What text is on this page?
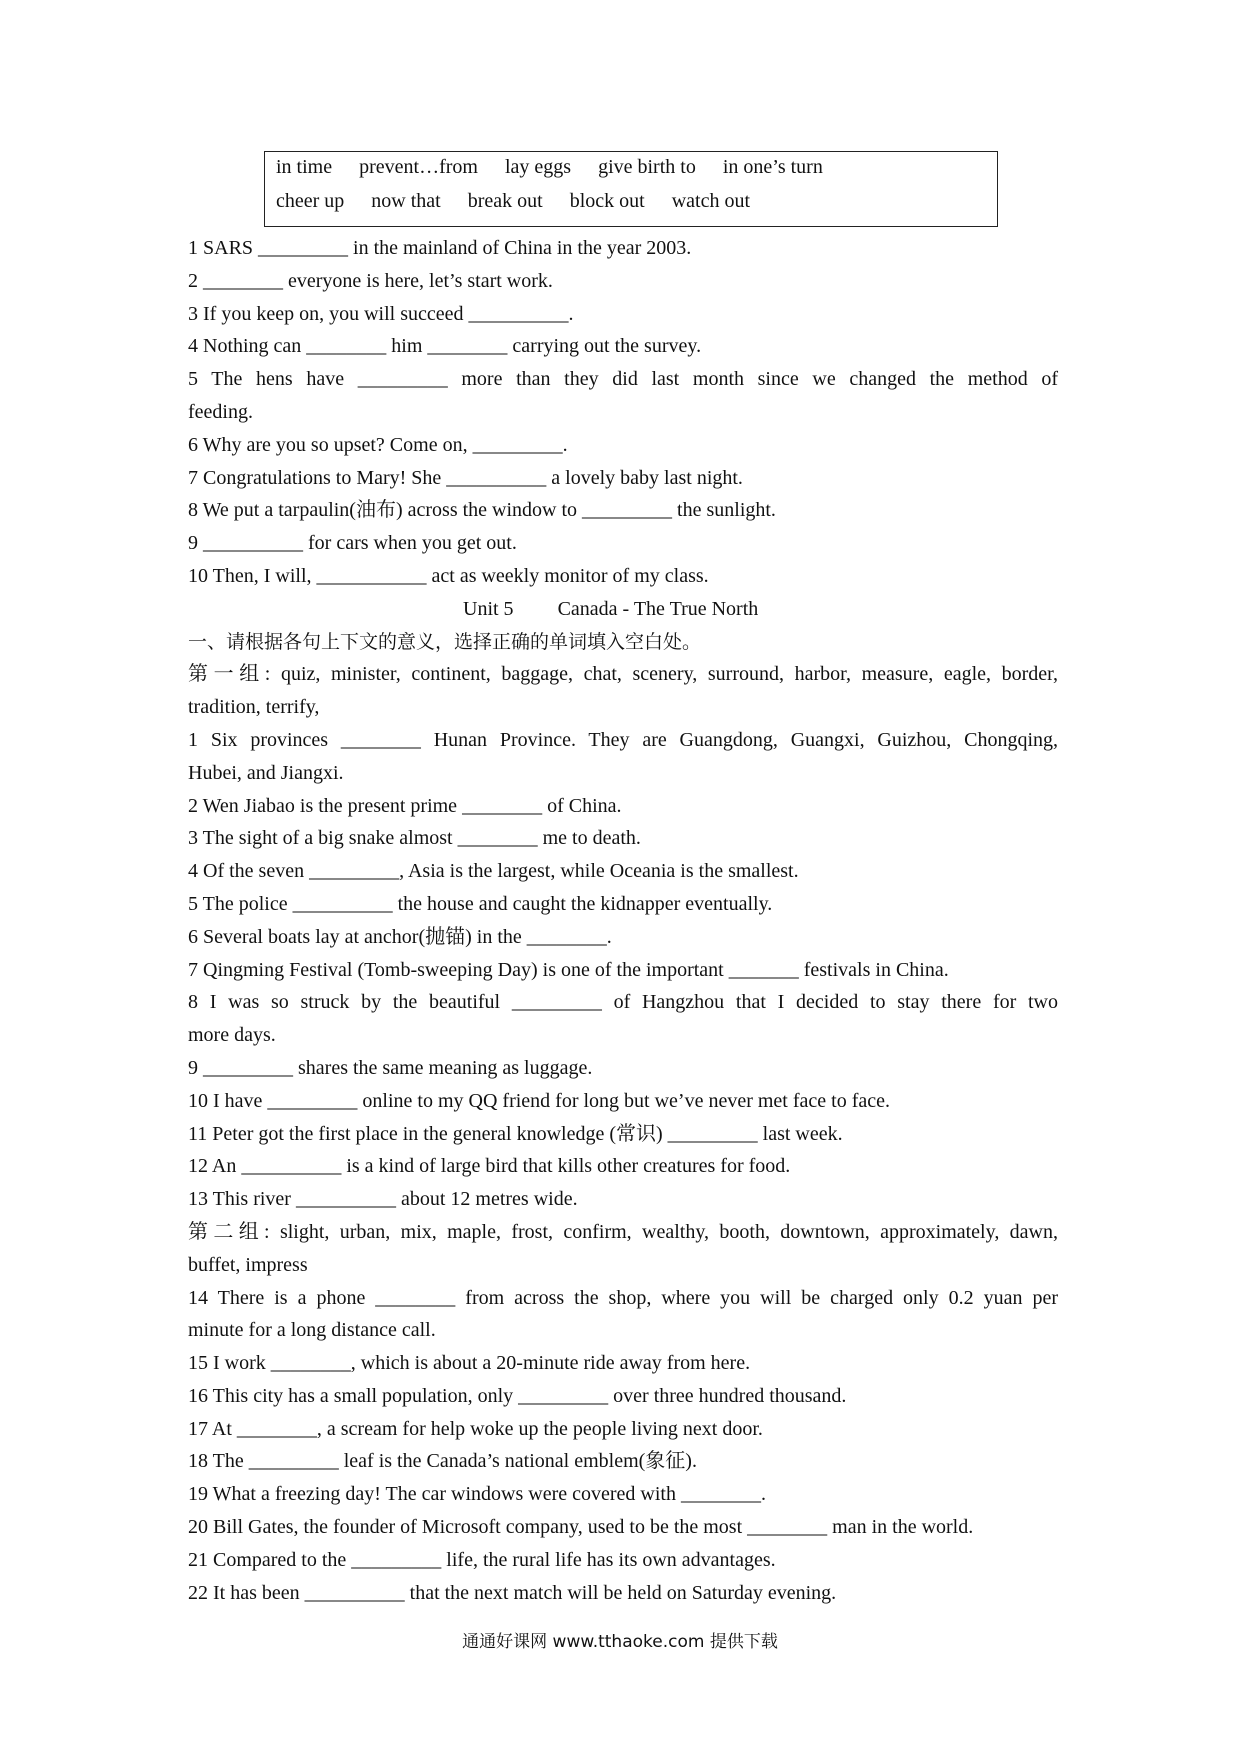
in time prevent…from lay eggs give birth to in one’s turn
cheer up now that break out block out watch out
1 SARS _________ in the mainland of China in the year 2003.
2 ________ everyone is here, let’s start work.
3 If you keep on, you will succeed __________.
4 Nothing can ________ him ________ carrying out the survey.
5 The hens have _________ more than they did last month since we changed the method of
feeding.
6 Why are you so upset? Come on, _________.
7 Congratulations to Mary! She __________ a lovely baby last night.
8 We put a tarpaulin(油布) across the window to _________ the sunlight.
9 __________ for cars when you get out.
10 Then, I will, ___________ act as weekly monitor of my class.
Unit 5 Canada - The True North
一、请根据各句上下文的意义，选择正确的单词填入空白处。
第一组: quiz, minister, continent, baggage, chat, scenery, surround, harbor, measure, eagle, border,
tradition, terrify,
1 Six provinces ________ Hunan Province. They are Guangdong, Guangxi, Guizhou, Chongqing,
Hubei, and Jiangxi.
2 Wen Jiabao is the present prime ________ of China.
3 The sight of a big snake almost ________ me to death.
4 Of the seven _________, Asia is the largest, while Oceania is the smallest.
5 The police __________ the house and caught the kidnapper eventually.
6 Several boats lay at anchor(抛锚) in the ________.
7 Qingming Festival (Tomb-sweeping Day) is one of the important _______ festivals in China.
8 I was so struck by the beautiful _________ of Hangzhou that I decided to stay there for two
more days.
9 _________ shares the same meaning as luggage.
10 I have _________ online to my QQ friend for long but we’ve never met face to face.
11 Peter got the first place in the general knowledge (常识) _________ last week.
12 An __________ is a kind of large bird that kills other creatures for food.
13 This river __________ about 12 metres wide.
第二组: slight, urban, mix, maple, frost, confirm, wealthy, booth, downtown, approximately, dawn,
buffet, impress
14 There is a phone ________ from across the shop, where you will be charged only 0.2 yuan per
minute for a long distance call.
15 I work ________, which is about a 20-minute ride away from here.
16 This city has a small population, only _________ over three hundred thousand.
17 At ________, a scream for help woke up the people living next door.
18 The _________ leaf is the Canada’s national emblem(象征).
19 What a freezing day! The car windows were covered with ________.
20 Bill Gates, the founder of Microsoft company, used to be the most ________ man in the world.
21 Compared to the _________ life, the rural life has its own advantages.
22 It has been __________ that the next match will be held on Saturday evening.
通通好课网 www.tthaoke.com 提供下载
